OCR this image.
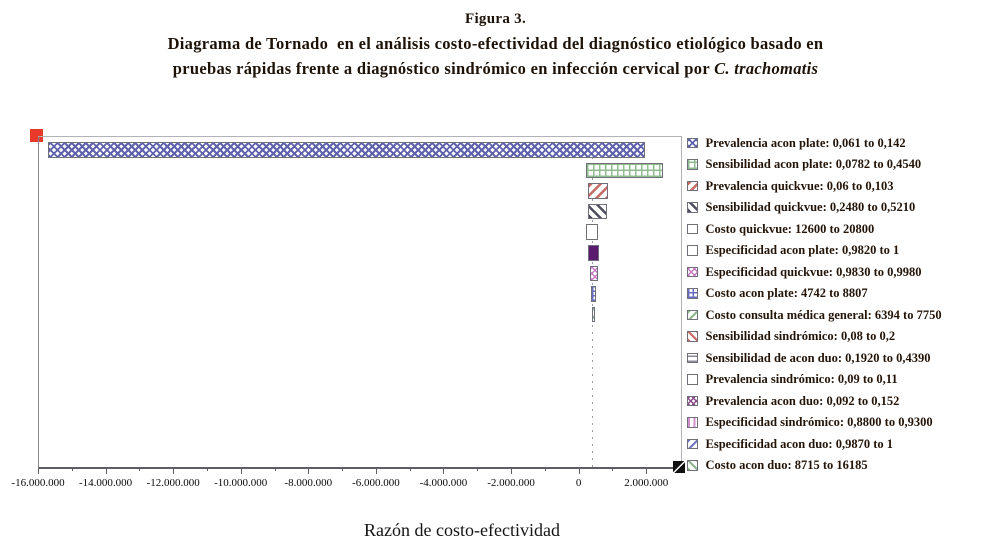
Figura 3.
Diagrama de Tornado  en el análisis costo-efectividad del diagnóstico etiológico basado en
pruebas rápidas frente a diagnóstico sindrómico en infección cervical por C. trachomatis
-16.000.000 -14.000.000 -12.000.000 -10.000.000 -8.000.000 -6.000.000 -4.000.000 -2.000.000	0	2.000.000
Razón de costo-efectividad
Prevalencia acon plate: 0,061 to 0,142
Sensibilidad acon plate: 0,0782 to 0,4540
Prevalencia quickvue: 0,06 to 0,103
Sensibilidad quickvue: 0,2480 to 0,5210
Costo quickvue: 12600 to 20800
Especificidad acon plate: 0,9820 to 1
Especificidad quickvue: 0,9830 to 0,9980
Costo acon plate: 4742 to 8807
Costo consulta médica general: 6394 to 7750
Sensibilidad sindrómico: 0,08 to 0,2
Sensibilidad de acon duo: 0,1920 to 0,4390
Prevalencia sindrómico: 0,09 to 0,11
Prevalencia acon duo: 0,092 to 0,152
Especificidad sindrómico: 0,8800 to 0,9300
Especificidad acon duo: 0,9870 to 1
Costo acon duo: 8715 to 16185
